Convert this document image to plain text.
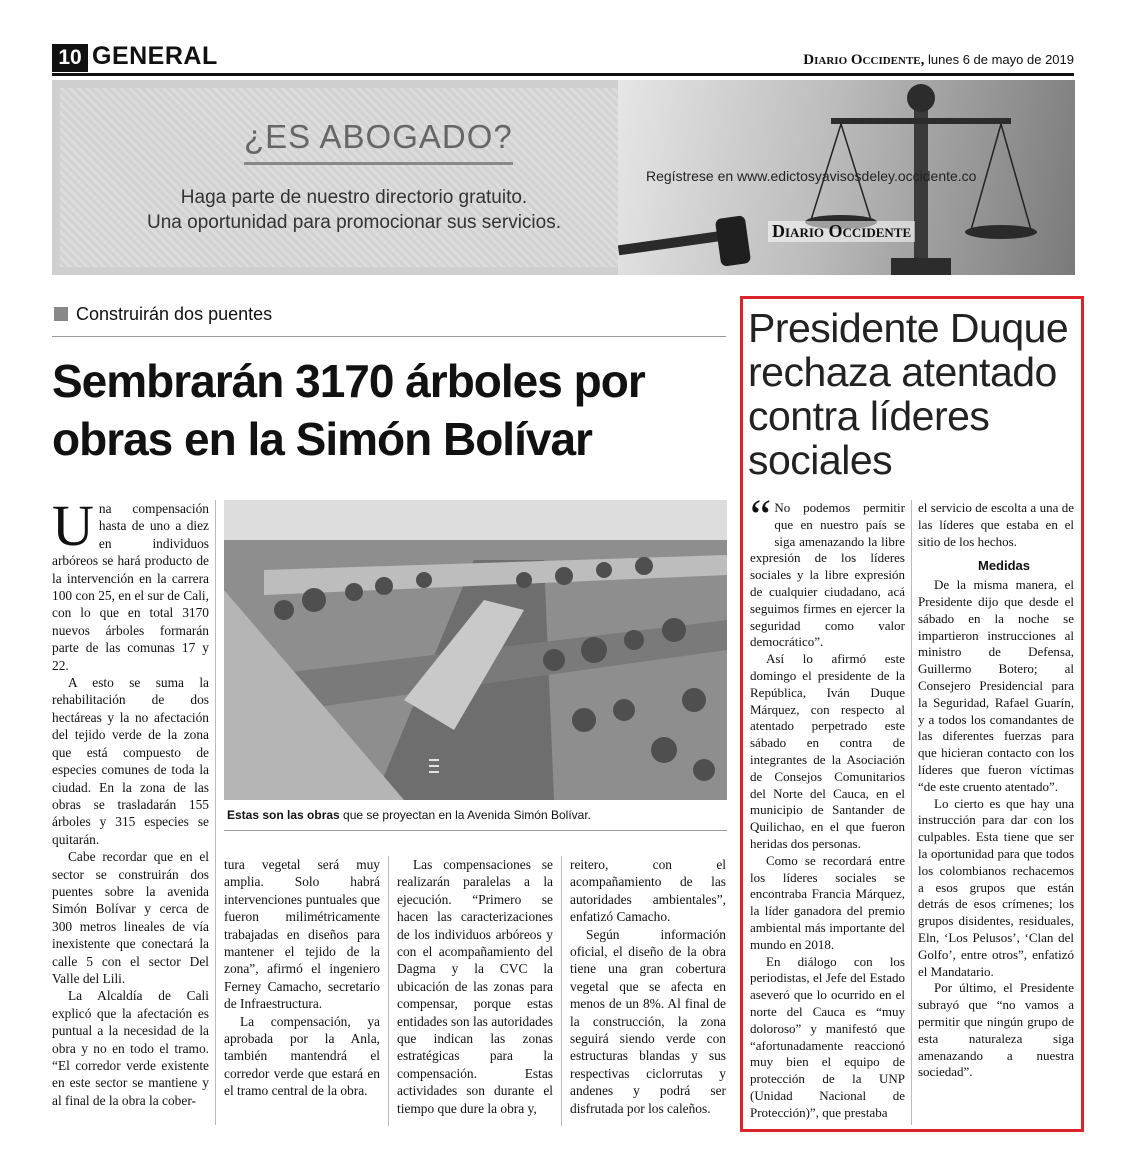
10 GENERAL	Diario Occidente, lunes 6 de mayo de 2019
¿ES ABOGADO?
Haga parte de nuestro directorio gratuito.
Una oportunidad para promocionar sus servicios.
Regístrese en www.edictosyavisosdeley.occidente.co
Diario Occidente
Construirán dos puentes
Sembrarán 3170 árboles por
obras en la Simón Bolívar

Una compensación hasta de uno a diez en individuos arbóreos se hará producto de la intervención en la carrera 100 con 25, en el sur de Cali, con lo que en total 3170 nuevos árboles formarán parte de las comunas 17 y 22.

A esto se suma la rehabilitación de dos hectáreas y la no afectación del tejido verde de la zona que está compuesto de especies comunes de toda la ciudad. En la zona de las obras se trasladarán 155 árboles y 315 especies se quitarán.

Cabe recordar que en el sector se construirán dos puentes sobre la avenida Simón Bolívar y cerca de 300 metros lineales de vía inexistente que conectará la calle 5 con el sector Del Valle del Lili.

La Alcaldía de Cali explicó que la afectación es puntual a la necesidad de la obra y no en todo el tramo. “El corredor verde existente en este sector se mantiene y al final de la obra la cober-

Estas son las obras que se proyectan en la Avenida Simón Bolívar.

tura vegetal será muy amplia. Solo habrá intervenciones puntuales que fueron milimétricamente trabajadas en diseños para mantener el tejido de la zona”, afirmó el ingeniero Ferney Camacho, secretario de Infraestructura.

La compensación, ya aprobada por la Anla, también mantendrá el corredor verde que estará en el tramo central de la obra.

Las compensaciones se realizarán paralelas a la ejecución. “Primero se hacen las caracterizaciones de los individuos arbóreos y con el acompañamiento del Dagma y la CVC la ubicación de las zonas para compensar, porque estas entidades son las autoridades que indican las zonas estratégicas para la compensación. Estas actividades son durante el tiempo que dure la obra y,

reitero, con el acompañamiento de las autoridades ambientales”, enfatizó Camacho.

Según información oficial, el diseño de la obra tiene una gran cobertura vegetal que se afecta en menos de un 8%. Al final de la construcción, la zona seguirá siendo verde con estructuras blandas y sus respectivas ciclorrutas y andenes y podrá ser disfrutada por los caleños.

Presidente Duque rechaza atentado contra líderes sociales

“ No podemos permitir que en nuestro país se siga amenazando la libre expresión de los líderes sociales y la libre expresión de cualquier ciudadano, acá seguimos firmes en ejercer la seguridad como valor democrático”.

Así lo afirmó este domingo el presidente de la República, Iván Duque Márquez, con respecto al atentado perpetrado este sábado en contra de integrantes de la Asociación de Consejos Comunitarios del Norte del Cauca, en el municipio de Santander de Quilichao, en el que fueron heridas dos personas.

Como se recordará entre los líderes sociales se encontraba Francia Márquez, la líder ganadora del premio ambiental más importante del mundo en 2018.

En diálogo con los periodistas, el Jefe del Estado aseveró que lo ocurrido en el norte del Cauca es “muy doloroso” y manifestó que “afortunadamente reaccionó muy bien el equipo de protección de la UNP (Unidad Nacional de Protección)”, que prestaba

el servicio de escolta a una de las líderes que estaba en el sitio de los hechos.

Medidas

De la misma manera, el Presidente dijo que desde el sábado en la noche se impartieron instrucciones al ministro de Defensa, Guillermo Botero; al Consejero Presidencial para la Seguridad, Rafael Guarín, y a todos los comandantes de las diferentes fuerzas para que hicieran contacto con los líderes que fueron víctimas “de este cruento atentado”.

Lo cierto es que hay una instrucción para dar con los culpables. Esta tiene que ser la oportunidad para que todos los colombianos rechacemos a esos grupos que están detrás de esos crímenes; los grupos disidentes, residuales, Eln, ‘Los Pelusos’, ‘Clan del Golfo’, entre otros”, enfatizó el Mandatario.

Por último, el Presidente subrayó que “no vamos a permitir que ningún grupo de esta naturaleza siga amenazando a nuestra sociedad”.
